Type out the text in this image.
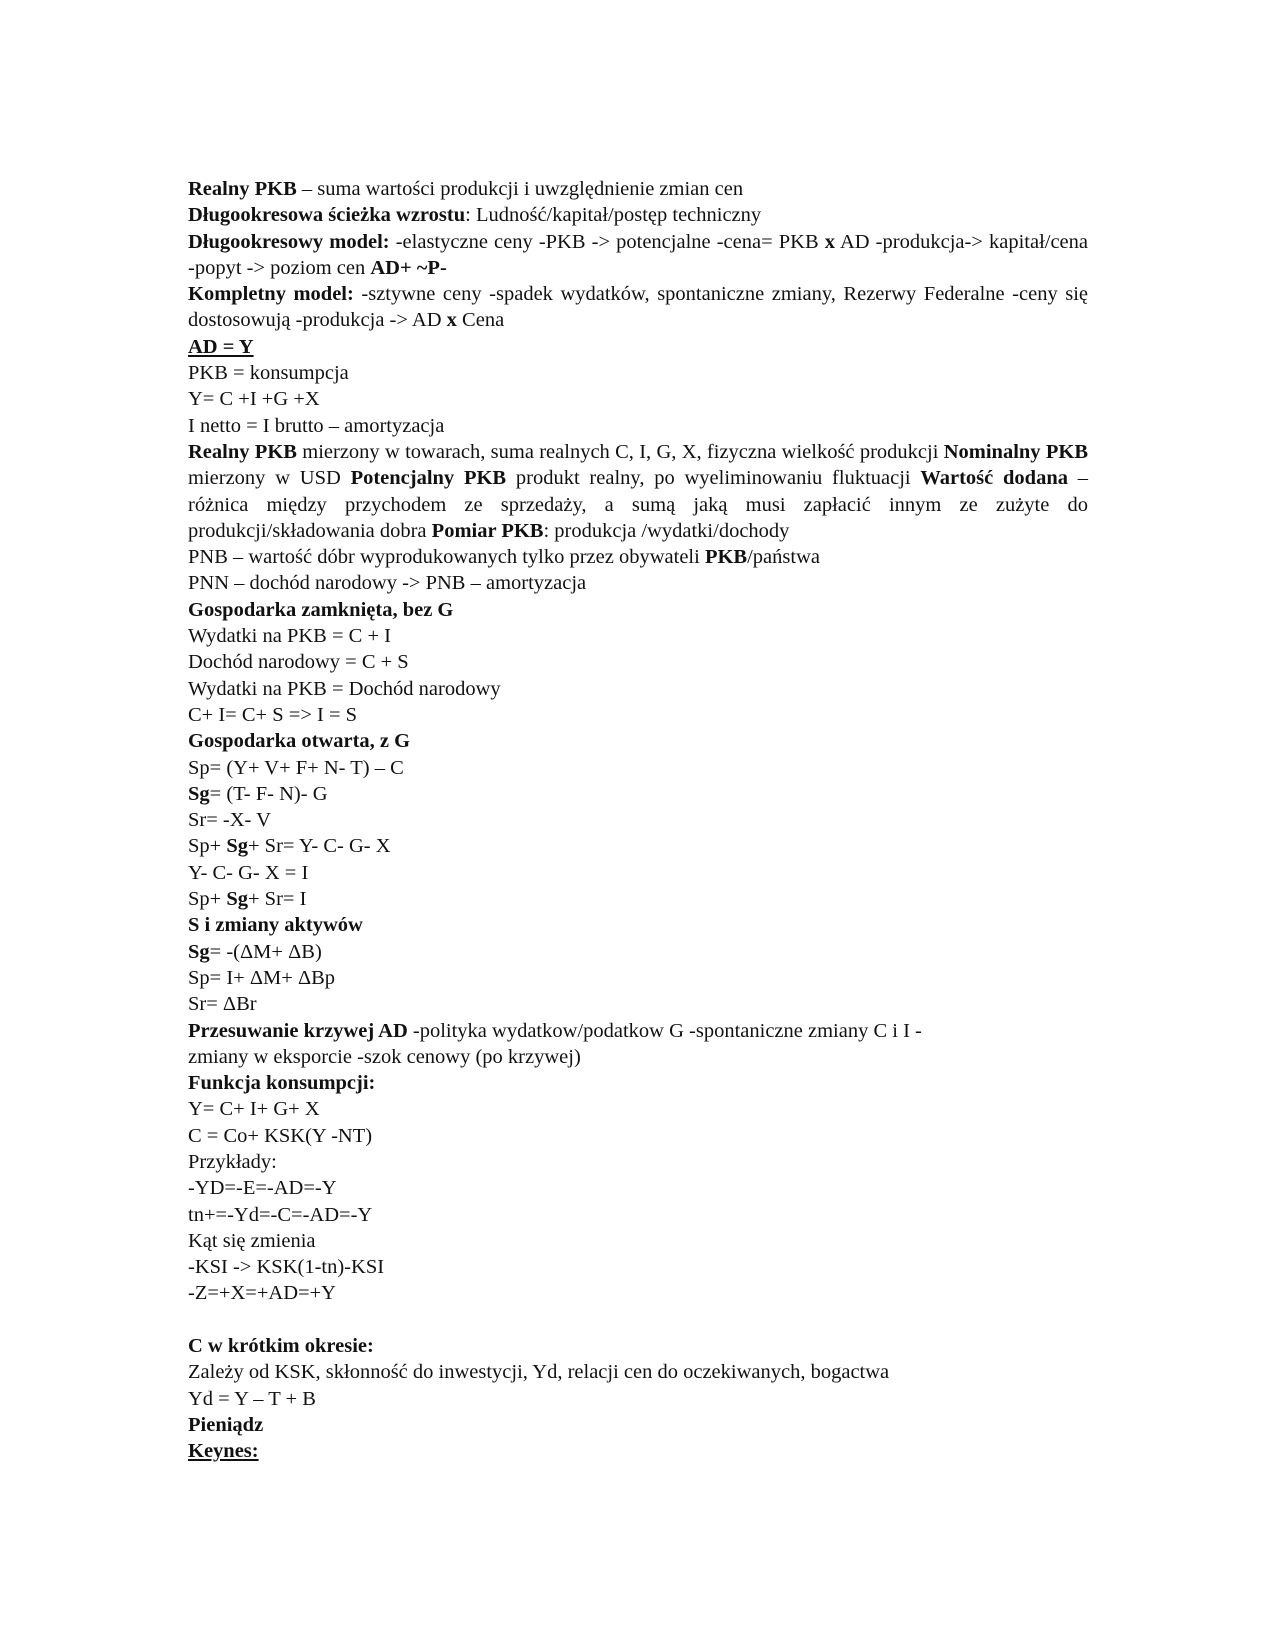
Realny PKB – suma wartości produkcji i uwzględnienie zmian cen
Długookresowa ścieżka wzrostu: Ludność/kapitał/postęp techniczny
Długookresowy model: -elastyczne ceny -PKB -> potencjalne -cena= PKB x AD -produkcja-> kapitał/cena -popyt -> poziom cen AD+ ~P-
Kompletny model: -sztywne ceny -spadek wydatków, spontaniczne zmiany, Rezerwy Federalne -ceny się dostosowują -produkcja -> AD x Cena
AD = Y
PKB = konsumpcja
Y= C +I +G +X
I netto = I brutto – amortyzacja
Realny PKB mierzony w towarach, suma realnych C, I, G, X, fizyczna wielkość produkcji Nominalny PKB mierzony w USD Potencjalny PKB produkt realny, po wyeliminowaniu fluktuacji Wartość dodana – różnica między przychodem ze sprzedaży, a sumą jaką musi zapłacić innym ze zużyte do produkcji/składowania dobra Pomiar PKB: produkcja /wydatki/dochody
PNB – wartość dóbr wyprodukowanych tylko przez obywateli PKB/państwa
PNN – dochód narodowy -> PNB – amortyzacja
Gospodarka zamknięta, bez G
Wydatki na PKB = C + I
Dochód narodowy = C + S
Wydatki na PKB = Dochód narodowy
C+ I= C+ S => I = S
Gospodarka otwarta, z G
Sp= (Y+ V+ F+ N- T) – C
Sg= (T- F- N)- G
Sr= -X- V
Sp+ Sg+ Sr= Y- C- G- X
Y- C- G- X = I
Sp+ Sg+ Sr= I
S i zmiany aktywów
Sg= -(ΔM+ ΔB)
Sp= I+ ΔM+ ΔBp
Sr= ΔBr
Przesuwanie krzywej AD -polityka wydatkow/podatkow G -spontaniczne zmiany C i I -zmiany w eksporcie -szok cenowy (po krzywej)
Funkcja konsumpcji:
Y= C+ I+ G+ X
C = Co+ KSK(Y -NT)
Przykłady:
-YD=-E=-AD=-Y
tn+=-Yd=-C=-AD=-Y
Kąt się zmienia
-KSI -> KSK(1-tn)-KSI
-Z=+X=+AD=+Y
C w krótkim okresie:
Zależy od KSK, skłonność do inwestycji, Yd, relacji cen do oczekiwanych, bogactwa
Yd = Y – T + B
Pieniądz
Keynes:
